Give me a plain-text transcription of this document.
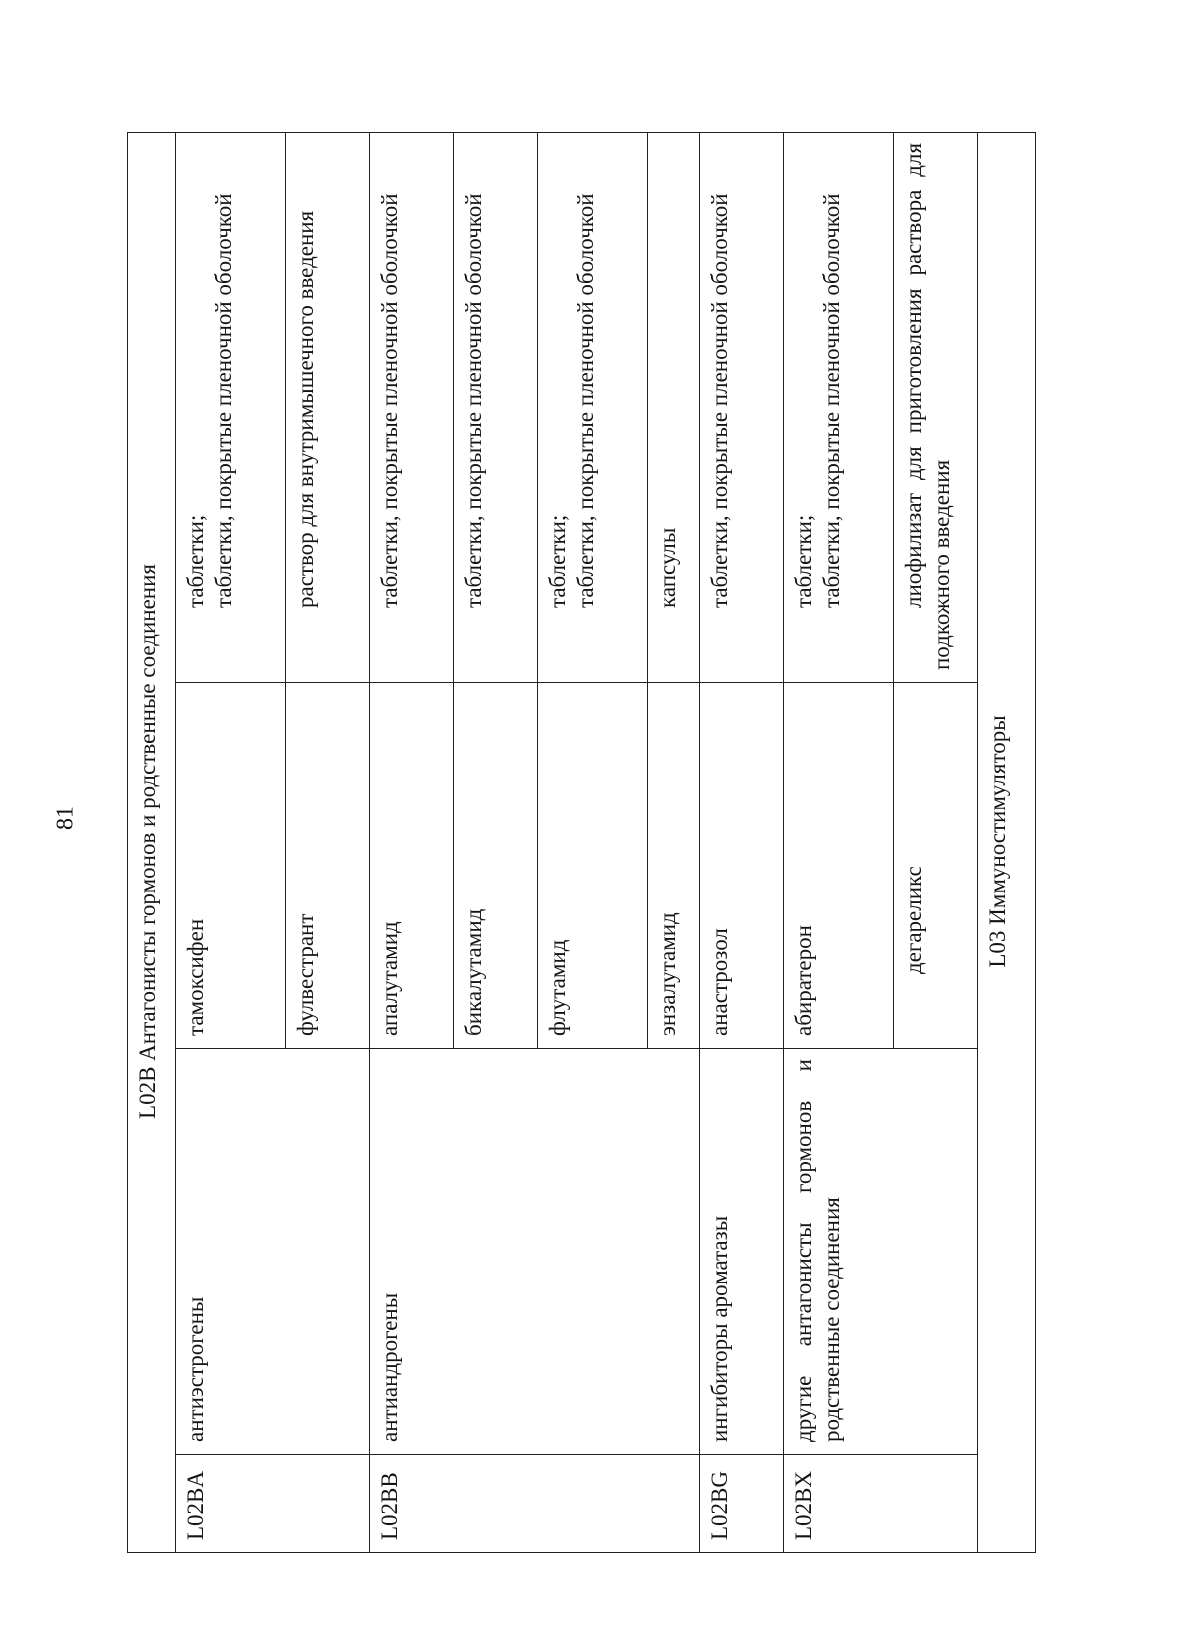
81 L02B Антагонисты гормонов и родственные соединения			
L02BA	антиэстрогены	тамоксифен	таблетки; таблетки, покрытые пленочной оболочкой

		фулвестрант	раствор для внутримышечного введения

L02BB	антиандрогены	апалутамид	таблетки, покрытые пленочной оболочкой

		бикалутамид	таблетки, покрытые пленочной оболочкой

		флутамид	таблетки; таблетки, покрытые пленочной оболочкой

		энзалутамид	капсулы

L02BG	ингибиторы ароматазы	анастрозол	таблетки, покрытые пленочной оболочкой

L02BX	другие антагонисты гормонов и родственные соединения	абиратерон	таблетки; таблетки, покрытые пленочной оболочкой

		дегареликс	лиофилизат для приготовления раствора для подкожного введения

L03 Иммуностимуляторы			
